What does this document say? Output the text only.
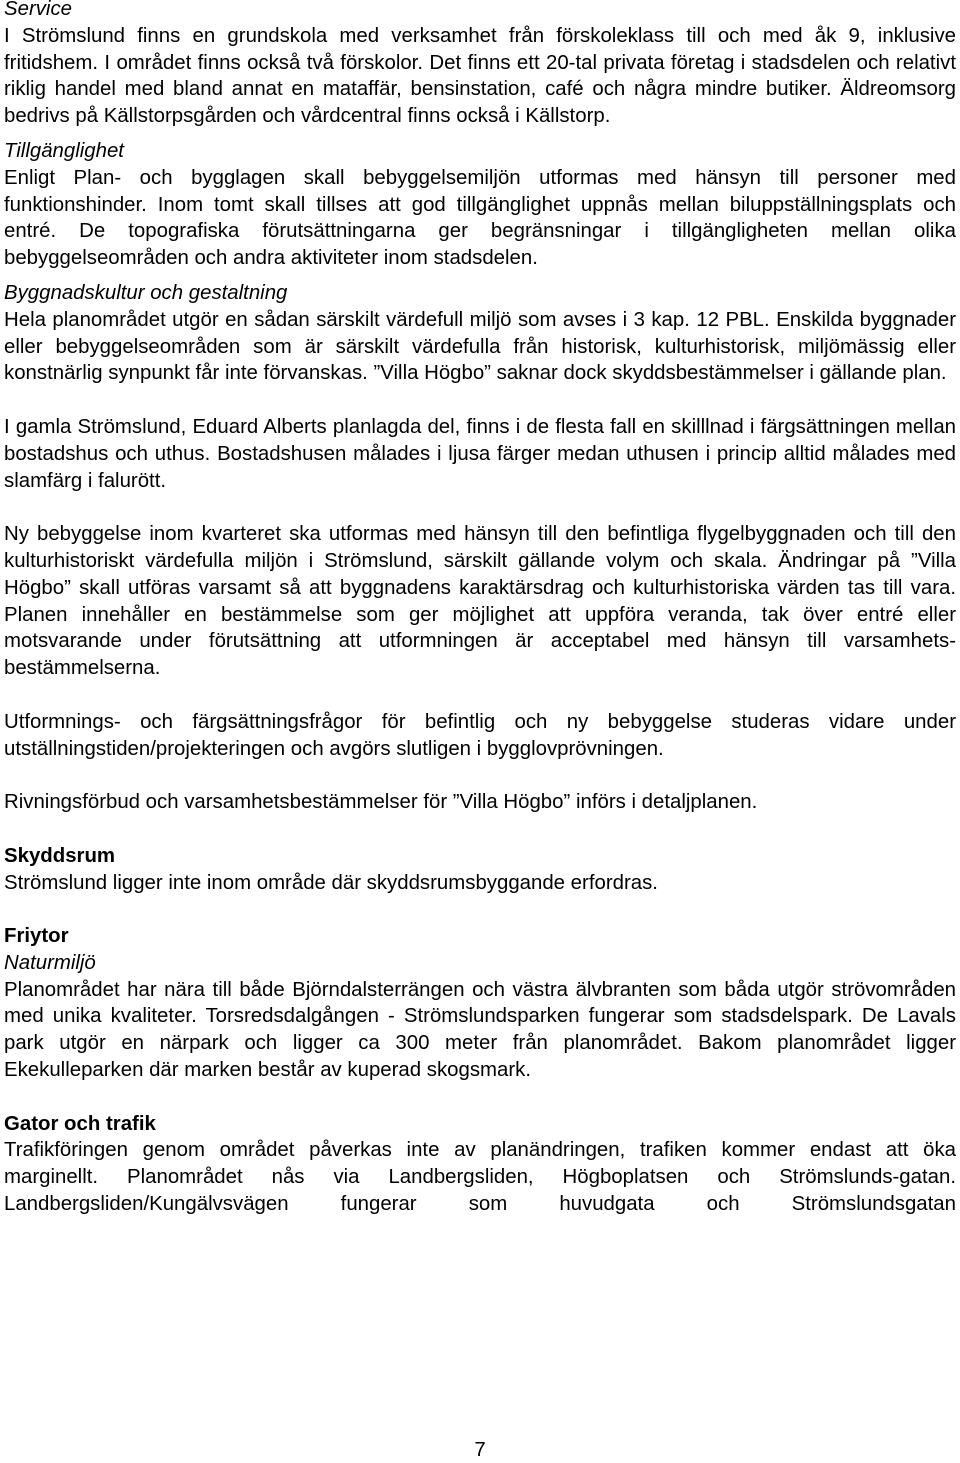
Service

I Strömslund finns en grundskola med verksamhet från förskoleklass till och med åk 9, inklusive fritidshem. I området finns också två förskolor. Det finns ett 20-tal privata företag i stadsdelen och relativt riklig handel med bland annat en mataffär, bensinstation, café och några mindre butiker. Äldreomsorg bedrivs på Källstorpsgården och vårdcentral finns också i Källstorp.

Tillgänglighet

Enligt Plan- och bygglagen skall bebyggelsemiljön utformas med hänsyn till personer med funktionshinder. Inom tomt skall tillses att god tillgänglighet uppnås mellan biluppställningsplats och entré. De topografiska förutsättningarna ger begränsningar i tillgängligheten mellan olika bebyggelseområden och andra aktiviteter inom stadsdelen.

Byggnadskultur och gestaltning

Hela planområdet utgör en sådan särskilt värdefull miljö som avses i 3 kap. 12 PBL. Enskilda byggnader eller bebyggelseområden som är särskilt värdefulla från historisk, kulturhistorisk, miljömässig eller konstnärlig synpunkt får inte förvanskas. ”Villa Högbo” saknar dock skyddsbestämmelser i gällande plan.

I gamla Strömslund, Eduard Alberts planlagda del, finns i de flesta fall en skilllnad i färgsättningen mellan bostadshus och uthus. Bostadshusen målades i ljusa färger medan uthusen i princip alltid målades med slamfärg i falurött.

Ny bebyggelse inom kvarteret ska utformas med hänsyn till den befintliga flygelbyggnaden och till den kulturhistoriskt värdefulla miljön i Strömslund, särskilt gällande volym och skala. Ändringar på ”Villa Högbo” skall utföras varsamt så att byggnadens karaktärsdrag och kulturhistoriska värden tas till vara. Planen innehåller en bestämmelse som ger möjlighet att uppföra veranda, tak över entré eller motsvarande under förutsättning att utformningen är acceptabel med hänsyn till varsamhets-bestämmelserna.

Utformnings- och färgsättningsfrågor för befintlig och ny bebyggelse studeras vidare under utställningstiden/projekteringen och avgörs slutligen i bygglovprövningen.

Rivningsförbud och varsamhetsbestämmelser för ”Villa Högbo” införs i detaljplanen.

Skyddsrum

Strömslund ligger inte inom område där skyddsrumsbyggande erfordras.

Friytor

Naturmiljö

Planområdet har nära till både Björndalsterrängen och västra älvbranten som båda utgör strövområden med unika kvaliteter. Torsredsdalgången - Strömslundsparken fungerar som stadsdelspark. De Lavals park utgör en närpark och ligger ca 300 meter från planområdet. Bakom planområdet ligger Ekekulleparken där marken består av kuperad skogsmark.

Gator och trafik

Trafikföringen genom området påverkas inte av planändringen, trafiken kommer endast att öka marginellt. Planområdet nås via Landbergsliden, Högboplatsen och Strömslunds-gatan. Landbergsliden/Kungälvsvägen fungerar som huvudgata och Strömslundsgatan

7
